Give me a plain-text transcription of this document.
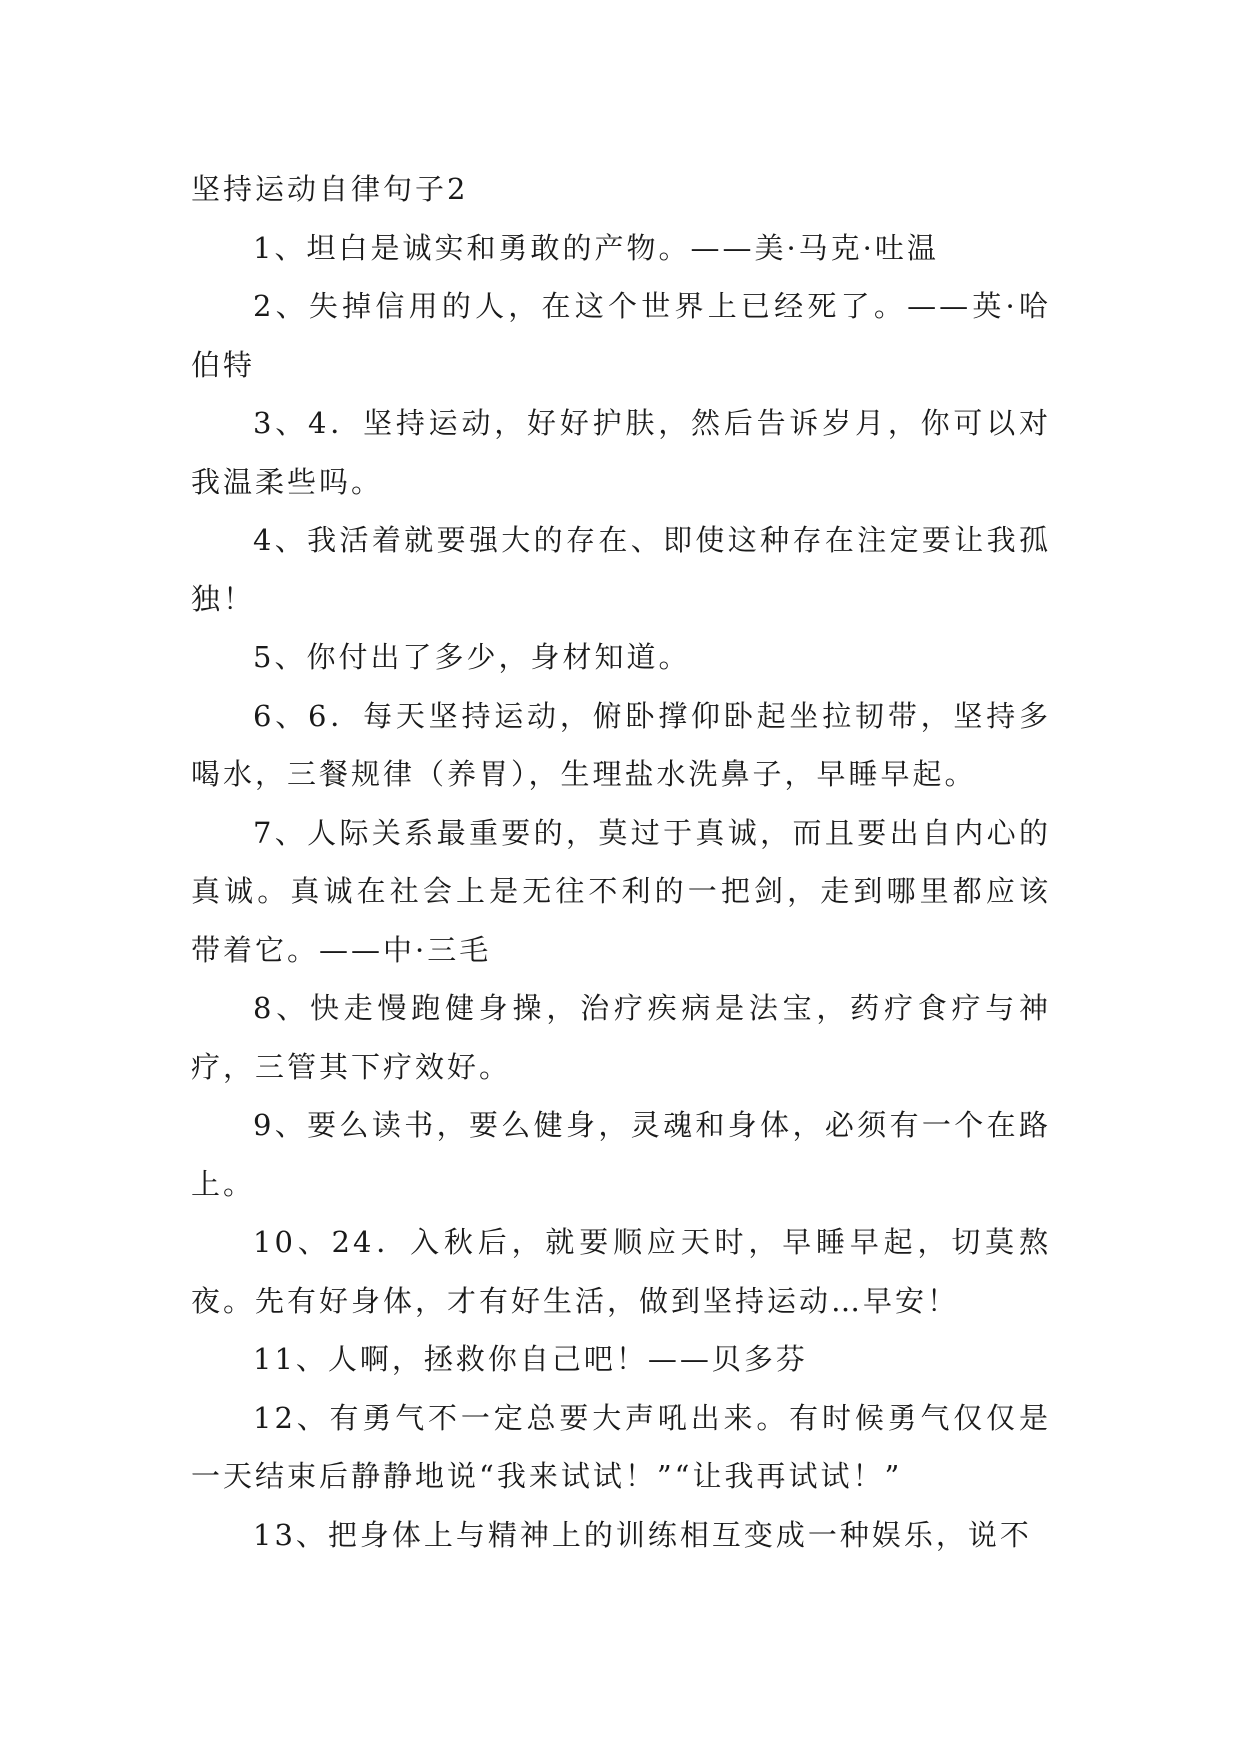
坚持运动自律句子2

1、坦白是诚实和勇敢的产物。——美·马克·吐温

2、失掉信用的人，在这个世界上已经死了。——英·哈伯特

3、4．坚持运动，好好护肤，然后告诉岁月，你可以对我温柔些吗。

4、我活着就要强大的存在、即使这种存在注定要让我孤独！

5、你付出了多少，身材知道。

6、6．每天坚持运动，俯卧撑仰卧起坐拉韧带，坚持多喝水，三餐规律（养胃），生理盐水洗鼻子，早睡早起。

7、人际关系最重要的，莫过于真诚，而且要出自内心的真诚。真诚在社会上是无往不利的一把剑，走到哪里都应该带着它。——中·三毛

8、快走慢跑健身操，治疗疾病是法宝，药疗食疗与神疗，三管其下疗效好。

9、要么读书，要么健身，灵魂和身体，必须有一个在路上。

10、24．入秋后，就要顺应天时，早睡早起，切莫熬夜。先有好身体，才有好生活，做到坚持运动…早安！

11、人啊，拯救你自己吧！——贝多芬

12、有勇气不一定总要大声吼出来。有时候勇气仅仅是一天结束后静静地说“我来试试！”“让我再试试！”

13、把身体上与精神上的训练相互变成一种娱乐，说不
